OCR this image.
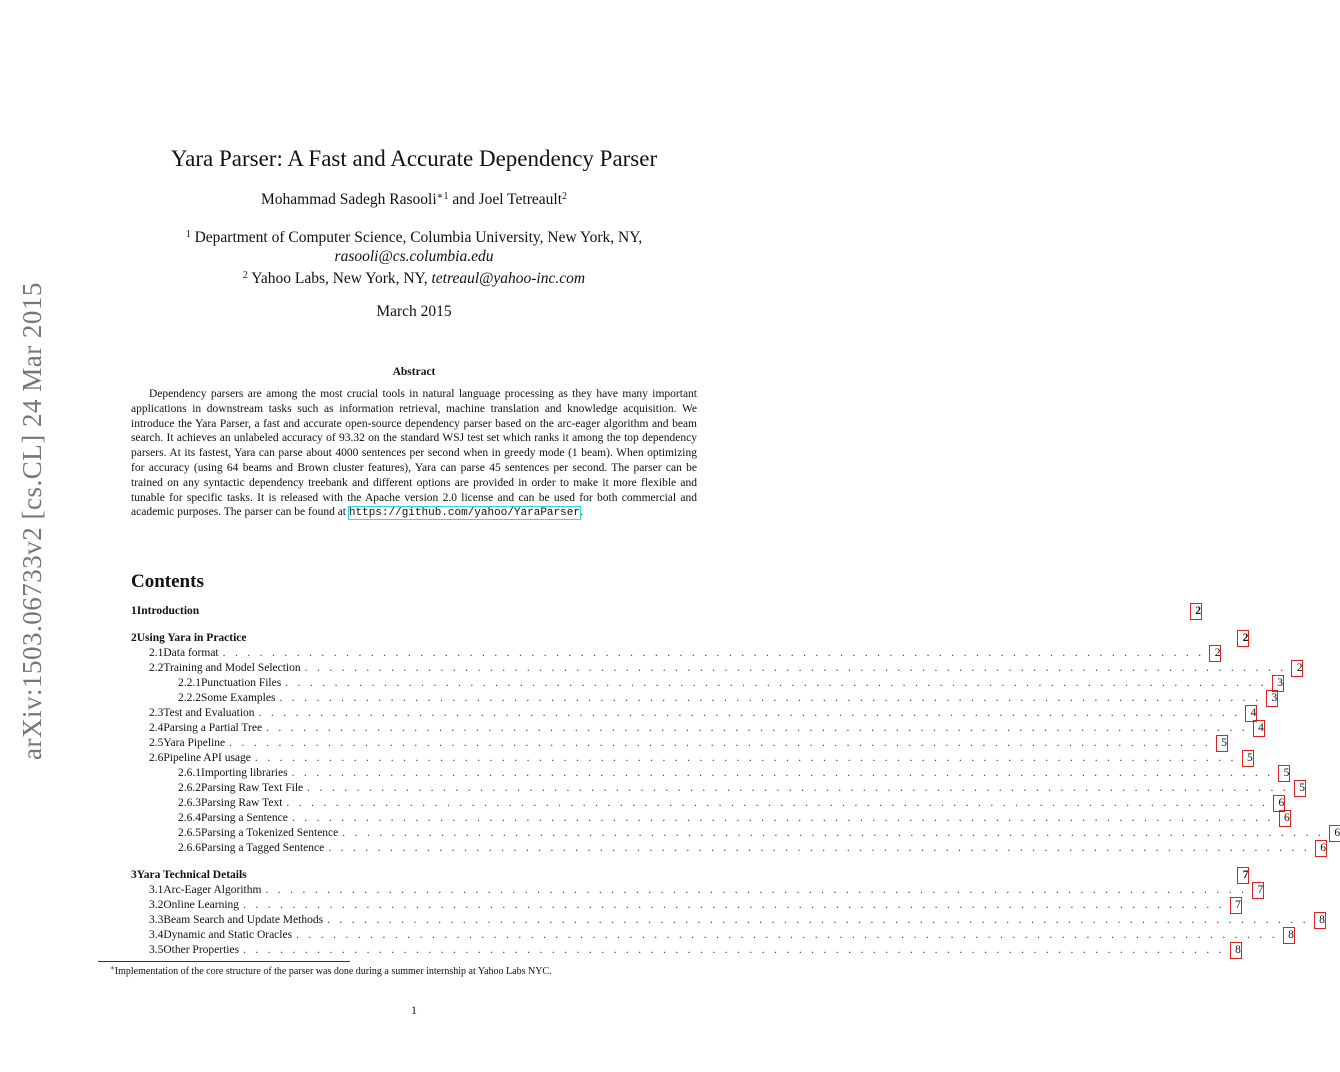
arXiv:1503.06733v2 [cs.CL] 24 Mar 2015
Yara Parser: A Fast and Accurate Dependency Parser
Mohammad Sadegh Rasooli$^{∗1}$ and Joel Tetreault$^2$
$^1$ Department of Computer Science, Columbia University, New York, NY,
rasooli@cs.columbia.edu
$^2$ Yahoo Labs, New York, NY, tetreaul@yahoo-inc.com
March 2015
Abstract

Dependency parsers are among the most crucial tools in natural language processing as they have many important applications in downstream tasks such as information retrieval, machine translation and knowledge acquisition. We introduce the Yara Parser, a fast and accurate open-source dependency parser based on the arc-eager algorithm and beam search. It achieves an unlabeled accuracy of 93.32 on the standard WSJ test set which ranks it among the top dependency parsers. At its fastest, Yara can parse about 4000 sentences per second when in greedy mode (1 beam). When optimizing for accuracy (using 64 beams and Brown cluster features), Yara can parse 45 sentences per second. The parser can be trained on any syntactic dependency treebank and different options are provided in order to make it more flexible and tunable for specific tasks. It is released with the Apache version 2.0 license and can be used for both commercial and academic purposes. The parser can be found at https://github.com/yahoo/YaraParser.

Contents
1 Introduction	2
2 Using Yara in Practice	2
2.1 Data format . . . . . . . . . . . . . . . . . . . . . . . . . . . . . . . . . . . . . . . . . . . . . . . . . . . . . . . . . . . . . . . . . . . . . . . . . . . . . . . . 2
2.2 Training and Model Selection . . . . . . . . . . . . . . . . . . . . . . . . . . . . . . . . . . . . . . . . . . . . . . . . . . . . . . . . . . . . . . . . . . . . . . . . . . . . . . . . 2
2.2.1 Punctuation Files . . . . . . . . . . . . . . . . . . . . . . . . . . . . . . . . . . . . . . . . . . . . . . . . . . . . . . . . . . . . . . . . . . . . . . . . . . . . . . . . 3
2.2.2 Some Examples . . . . . . . . . . . . . . . . . . . . . . . . . . . . . . . . . . . . . . . . . . . . . . . . . . . . . . . . . . . . . . . . . . . . . . . . . . . . . . . . 3
2.3 Test and Evaluation . . . . . . . . . . . . . . . . . . . . . . . . . . . . . . . . . . . . . . . . . . . . . . . . . . . . . . . . . . . . . . . . . . . . . . . . . . . . . . . . 4
2.4 Parsing a Partial Tree . . . . . . . . . . . . . . . . . . . . . . . . . . . . . . . . . . . . . . . . . . . . . . . . . . . . . . . . . . . . . . . . . . . . . . . . . . . . . . . . 4
2.5 Yara Pipeline . . . . . . . . . . . . . . . . . . . . . . . . . . . . . . . . . . . . . . . . . . . . . . . . . . . . . . . . . . . . . . . . . . . . . . . . . . . . . . . . 5
2.6 Pipeline API usage . . . . . . . . . . . . . . . . . . . . . . . . . . . . . . . . . . . . . . . . . . . . . . . . . . . . . . . . . . . . . . . . . . . . . . . . . . . . . . . . 5
2.6.1 Importing libraries . . . . . . . . . . . . . . . . . . . . . . . . . . . . . . . . . . . . . . . . . . . . . . . . . . . . . . . . . . . . . . . . . . . . . . . . . . . . . . . . 5
2.6.2 Parsing Raw Text File . . . . . . . . . . . . . . . . . . . . . . . . . . . . . . . . . . . . . . . . . . . . . . . . . . . . . . . . . . . . . . . . . . . . . . . . . . . . . . . . 5
2.6.3 Parsing Raw Text . . . . . . . . . . . . . . . . . . . . . . . . . . . . . . . . . . . . . . . . . . . . . . . . . . . . . . . . . . . . . . . . . . . . . . . . . . . . . . . . 6
2.6.4 Parsing a Sentence . . . . . . . . . . . . . . . . . . . . . . . . . . . . . . . . . . . . . . . . . . . . . . . . . . . . . . . . . . . . . . . . . . . . . . . . . . . . . . . . 6
2.6.5 Parsing a Tokenized Sentence . . . . . . . . . . . . . . . . . . . . . . . . . . . . . . . . . . . . . . . . . . . . . . . . . . . . . . . . . . . . . . . . . . . . . . . . . . . . . . . . 6
2.6.6 Parsing a Tagged Sentence . . . . . . . . . . . . . . . . . . . . . . . . . . . . . . . . . . . . . . . . . . . . . . . . . . . . . . . . . . . . . . . . . . . . . . . . . . . . . . . . 6
3 Yara Technical Details	7
3.1 Arc-Eager Algorithm . . . . . . . . . . . . . . . . . . . . . . . . . . . . . . . . . . . . . . . . . . . . . . . . . . . . . . . . . . . . . . . . . . . . . . . . . . . . . . . . 7
3.2 Online Learning . . . . . . . . . . . . . . . . . . . . . . . . . . . . . . . . . . . . . . . . . . . . . . . . . . . . . . . . . . . . . . . . . . . . . . . . . . . . . . . . 7
3.3 Beam Search and Update Methods . . . . . . . . . . . . . . . . . . . . . . . . . . . . . . . . . . . . . . . . . . . . . . . . . . . . . . . . . . . . . . . . . . . . . . . . . . . . . . . . 8
3.4 Dynamic and Static Oracles . . . . . . . . . . . . . . . . . . . . . . . . . . . . . . . . . . . . . . . . . . . . . . . . . . . . . . . . . . . . . . . . . . . . . . . . . . . . . . . . 8
3.5 Other Properties . . . . . . . . . . . . . . . . . . . . . . . . . . . . . . . . . . . . . . . . . . . . . . . . . . . . . . . . . . . . . . . . . . . . . . . . . . . . . . . . 8
∗Implementation of the core structure of the parser was done during a summer internship at Yahoo Labs NYC.
1
